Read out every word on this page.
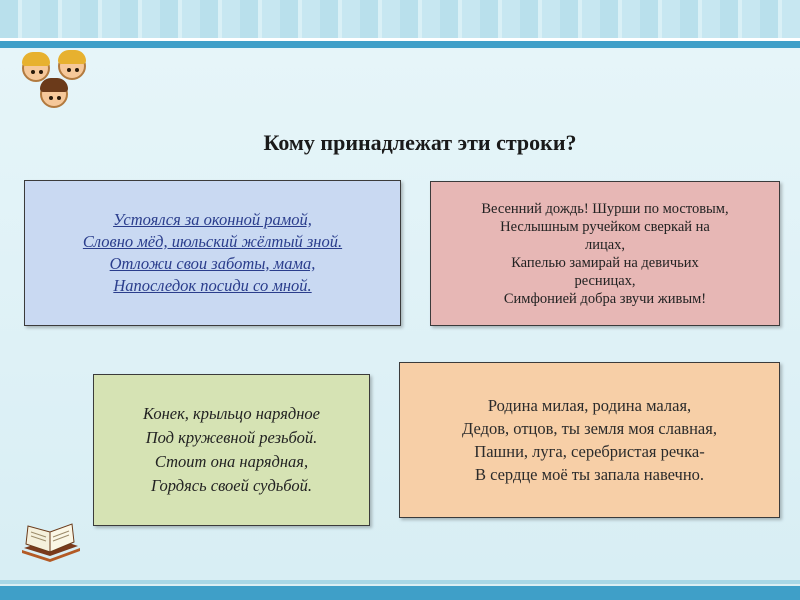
Кому принадлежат эти строки?
Устоялся за оконной рамой,
Словно мёд, июльский жёлтый зной.
Отложи свои заботы, мама,
Напоследок посиди со мной.
Весенний дождь! Шурши по мостовым,
Неслышным ручейком сверкай на
лицах,
Капелью замирай на девичьих
ресницах,
Симфонией добра звучи живым!
Конек, крыльцо нарядное
Под кружевной резьбой.
Стоит она нарядная,
Гордясь своей судьбой.
Родина милая, родина малая,
Дедов, отцов, ты земля моя славная,
Пашни, луга, серебристая речка-
В сердце моё ты запала навечно.
